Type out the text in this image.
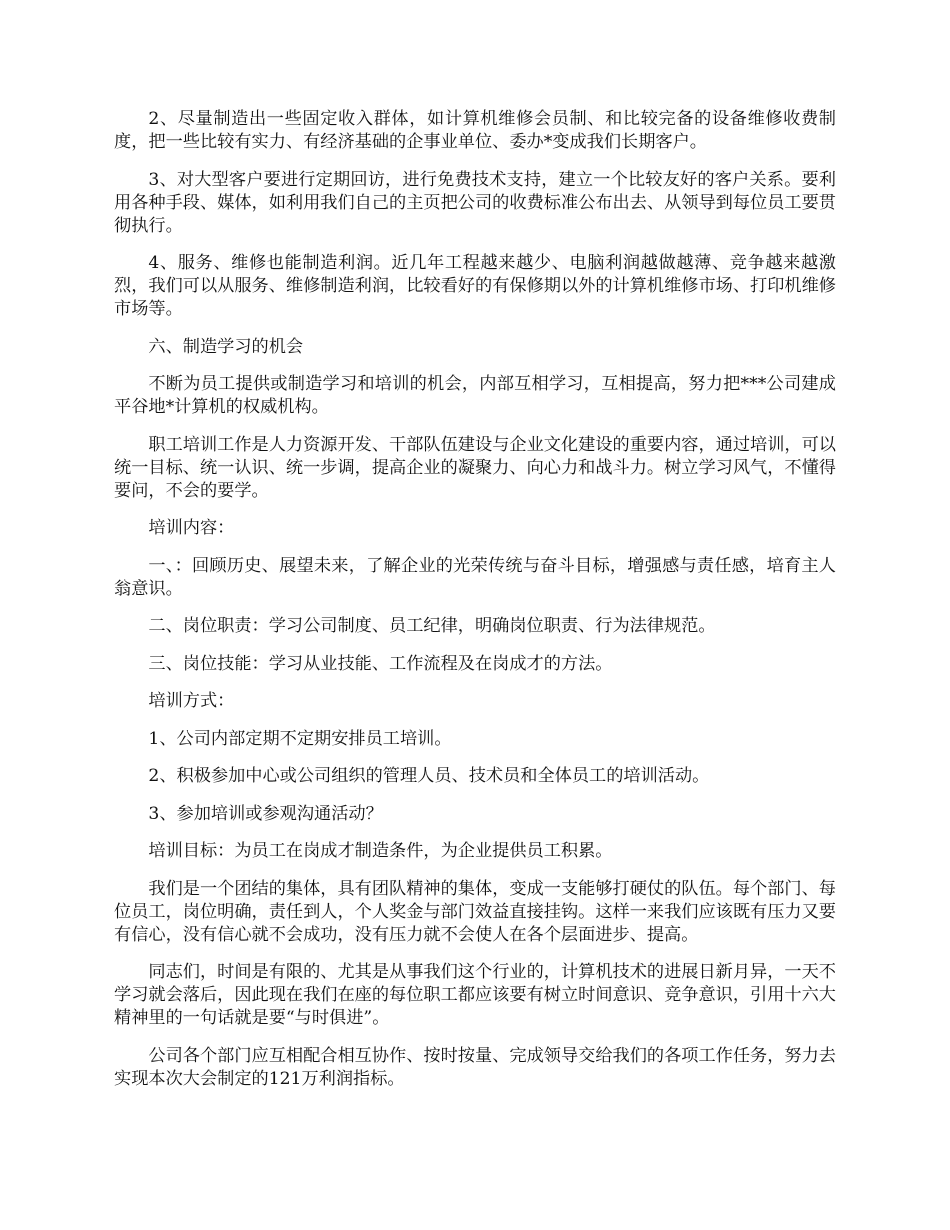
2、尽量制造出一些固定收入群体，如计算机维修会员制、和比较完备的设备维修收费制度，把一些比较有实力、有经济基础的企事业单位、委办*变成我们长期客户。

3、对大型客户要进行定期回访，进行免费技术支持，建立一个比较友好的客户关系。要利用各种手段、媒体，如利用我们自己的主页把公司的收费标准公布出去、从领导到每位员工要贯彻执行。

4、服务、维修也能制造利润。近几年工程越来越少、电脑利润越做越薄、竞争越来越激烈，我们可以从服务、维修制造利润，比较看好的有保修期以外的计算机维修市场、打印机维修市场等。

六、制造学习的机会

不断为员工提供或制造学习和培训的机会，内部互相学习，互相提高，努力把***公司建成平谷地*计算机的权威机构。

职工培训工作是人力资源开发、干部队伍建设与企业文化建设的重要内容，通过培训，可以统一目标、统一认识、统一步调，提高企业的凝聚力、向心力和战斗力。树立学习风气，不懂得要问，不会的要学。

培训内容：

一、：回顾历史、展望未来，了解企业的光荣传统与奋斗目标，增强感与责任感，培育主人翁意识。

二、岗位职责：学习公司制度、员工纪律，明确岗位职责、行为法律规范。

三、岗位技能：学习从业技能、工作流程及在岗成才的方法。

培训方式：

1、公司内部定期不定期安排员工培训。

2、积极参加中心或公司组织的管理人员、技术员和全体员工的培训活动。

3、参加培训或参观沟通活动？

培训目标：为员工在岗成才制造条件，为企业提供员工积累。

我们是一个团结的集体，具有团队精神的集体，变成一支能够打硬仗的队伍。每个部门、每位员工，岗位明确，责任到人，个人奖金与部门效益直接挂钩。这样一来我们应该既有压力又要有信心，没有信心就不会成功，没有压力就不会使人在各个层面进步、提高。

同志们，时间是有限的、尤其是从事我们这个行业的，计算机技术的进展日新月异，一天不学习就会落后，因此现在我们在座的每位职工都应该要有树立时间意识、竞争意识，引用十六大精神里的一句话就是要“与时俱进”。

公司各个部门应互相配合相互协作、按时按量、完成领导交给我们的各项工作任务，努力去实现本次大会制定的121万利润指标。
